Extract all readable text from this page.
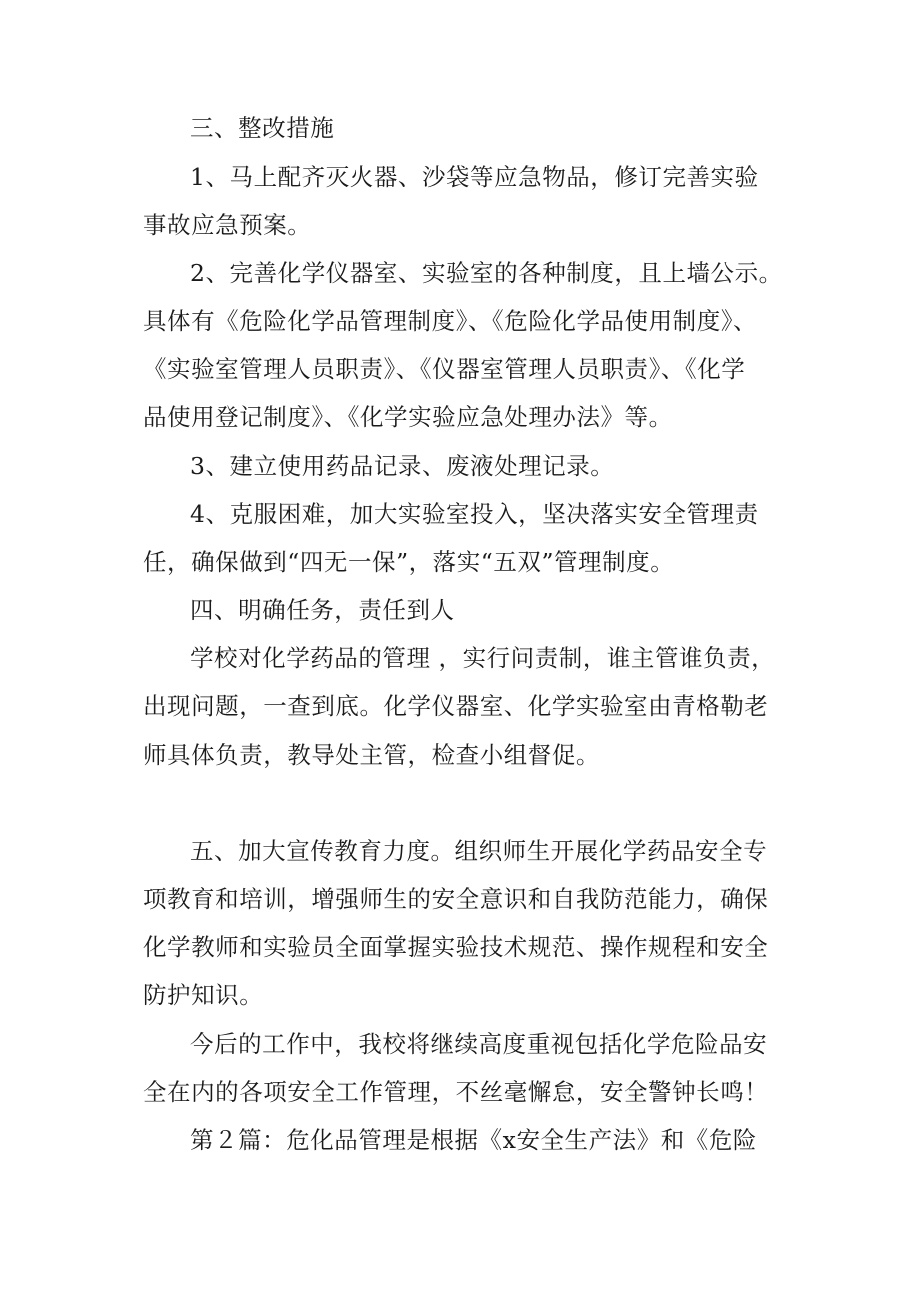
三、整改措施

1、马上配齐灭火器、沙袋等应急物品，修订完善实验

事故应急预案。

2、完善化学仪器室、实验室的各种制度，且上墙公示。

具体有《危险化学品管理制度》、《危险化学品使用制度》、

《实验室管理人员职责》、《仪器室管理人员职责》、《化学

品使用登记制度》、《化学实验应急处理办法》等。

3、建立使用药品记录、废液处理记录。

4、克服困难，加大实验室投入，坚决落实安全管理责

任，确保做到“四无一保”，落实“五双”管理制度。

四、明确任务，责任到人

学校对化学药品的管理 ，实行问责制，谁主管谁负责，

出现问题，一查到底。化学仪器室、化学实验室由青格勒老

师具体负责，教导处主管，检查小组督促。

五、加大宣传教育力度。组织师生开展化学药品安全专

项教育和培训，增强师生的安全意识和自我防范能力，确保

化学教师和实验员全面掌握实验技术规范、操作规程和安全

防护知识。

今后的工作中，我校将继续高度重视包括化学危险品安

全在内的各项安全工作管理，不丝毫懈怠，安全警钟长鸣！

第２篇：危化品管理是根据《x安全生产法》和《危险
